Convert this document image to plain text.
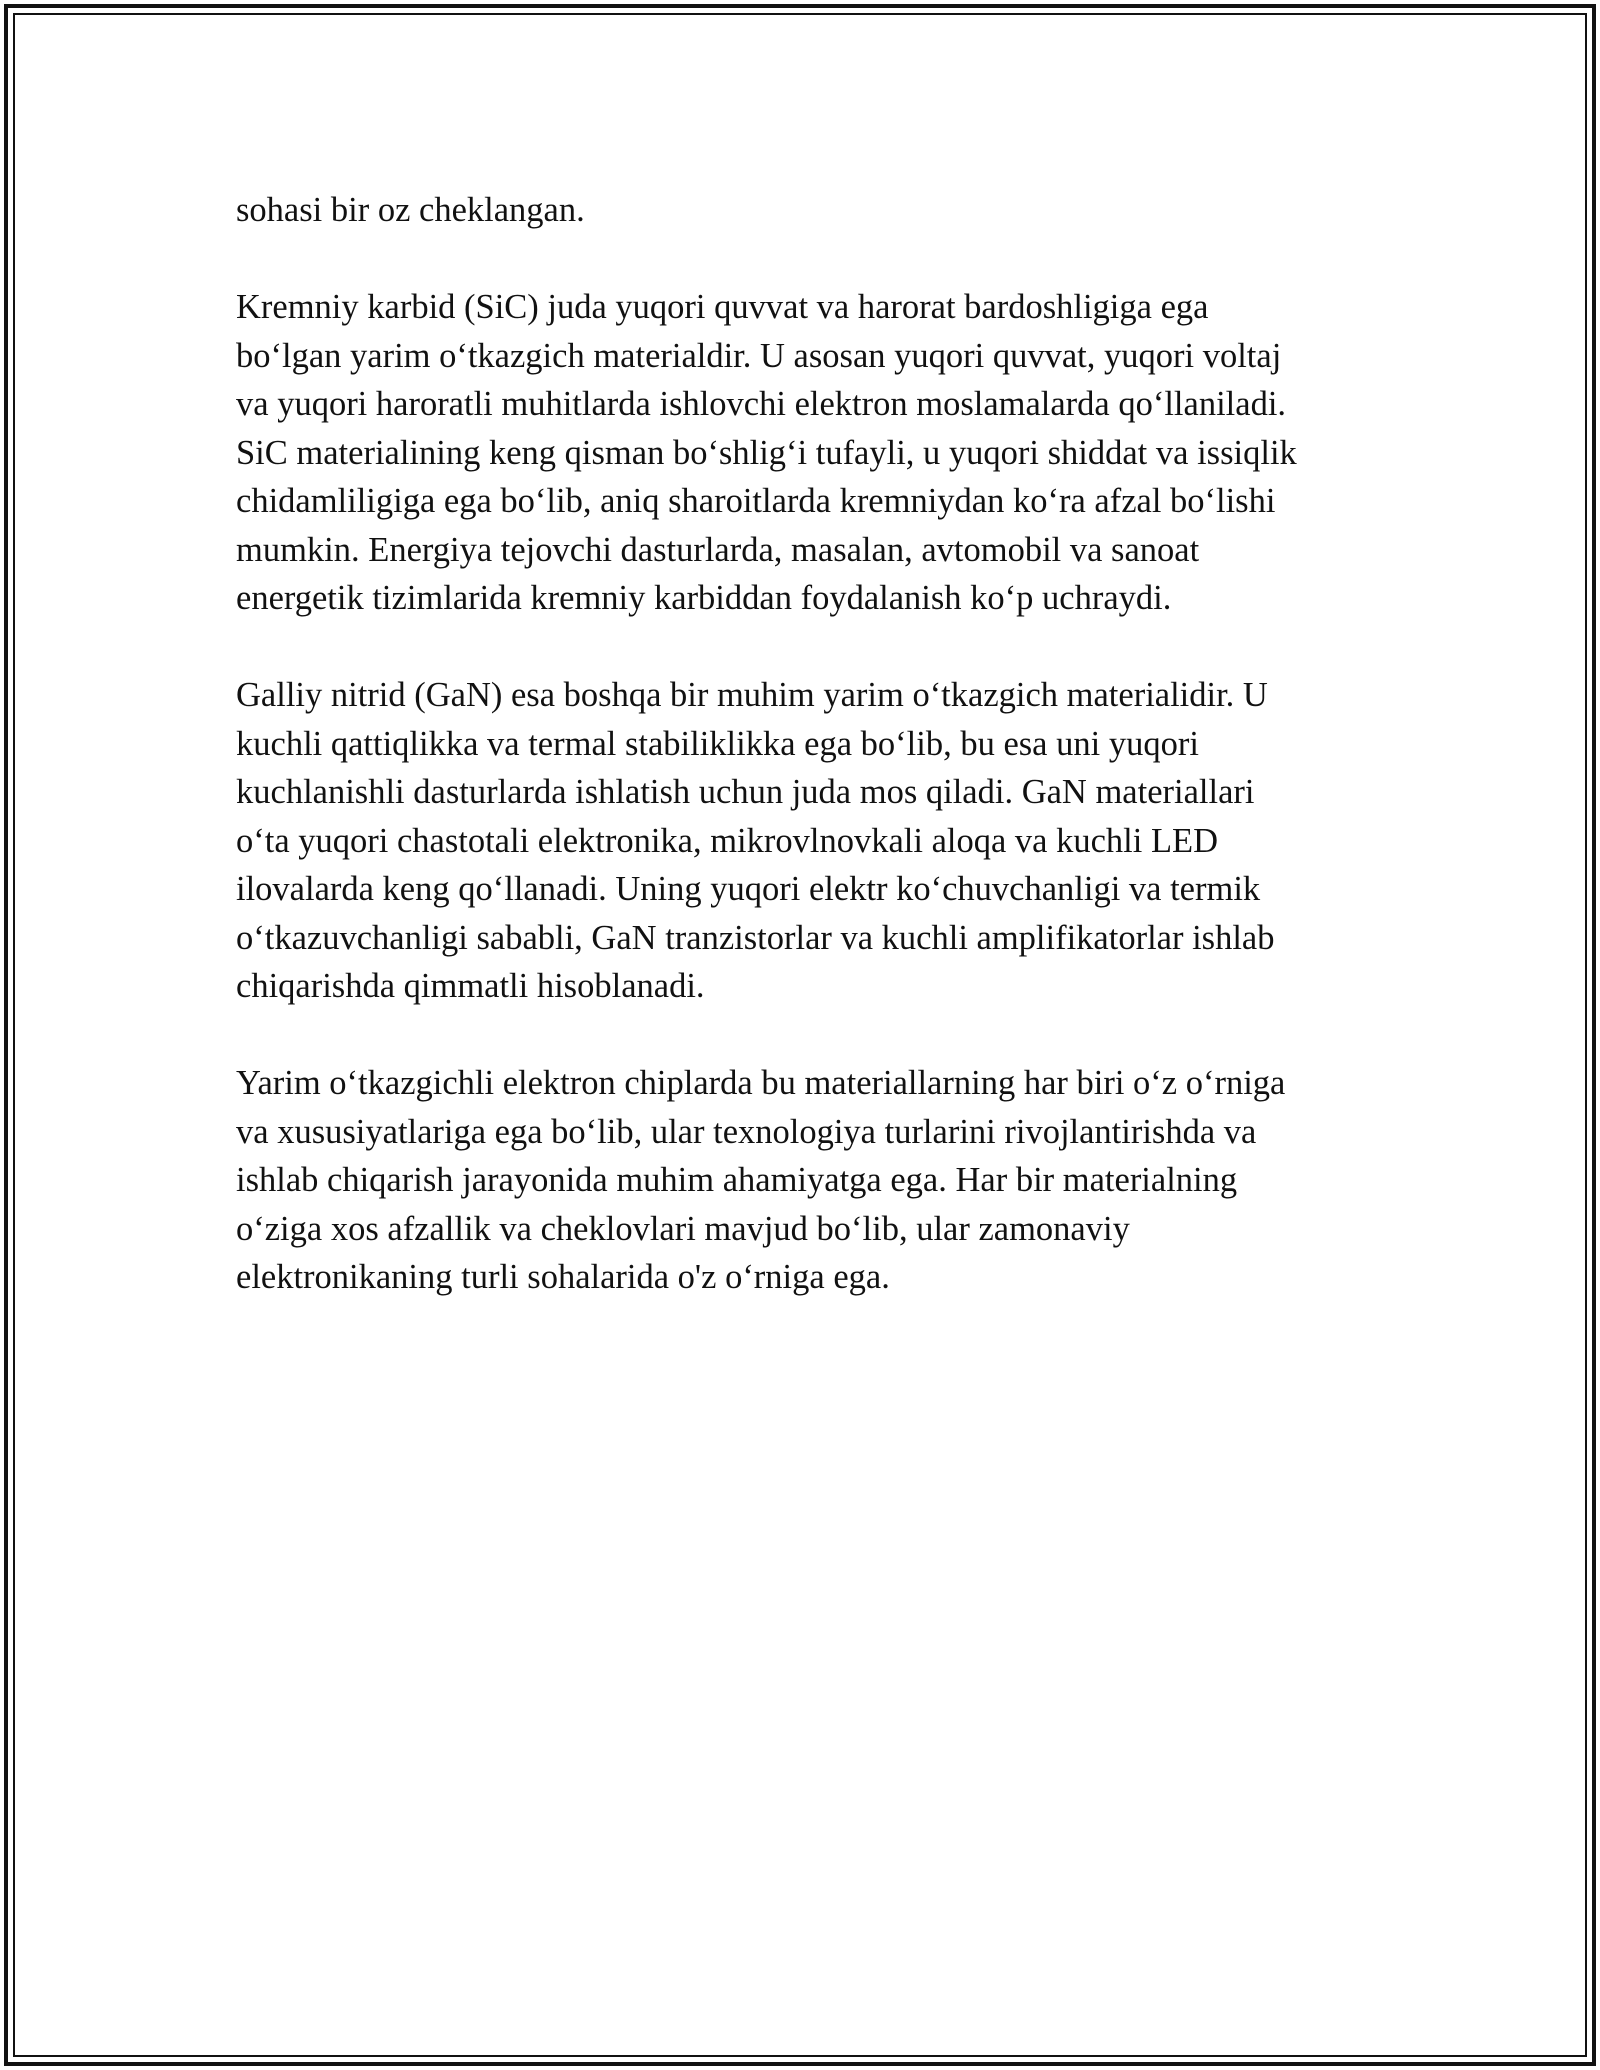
sohasi bir oz cheklangan.

Kremniy karbid (SiC) juda yuqori quvvat va harorat bardoshligiga ega
bo‘lgan yarim o‘tkazgich materialdir. U asosan yuqori quvvat, yuqori voltaj
va yuqori haroratli muhitlarda ishlovchi elektron moslamalarda qo‘llaniladi.
SiC materialining keng qisman bo‘shlig‘i tufayli, u yuqori shiddat va issiqlik
chidamliligiga ega bo‘lib, aniq sharoitlarda kremniydan ko‘ra afzal bo‘lishi
mumkin. Energiya tejovchi dasturlarda, masalan, avtomobil va sanoat
energetik tizimlarida kremniy karbiddan foydalanish ko‘p uchraydi.

Galliy nitrid (GaN) esa boshqa bir muhim yarim o‘tkazgich materialidir. U
kuchli qattiqlikka va termal stabiliklikka ega bo‘lib, bu esa uni yuqori
kuchlanishli dasturlarda ishlatish uchun juda mos qiladi. GaN materiallari
o‘ta yuqori chastotali elektronika, mikrovlnovkali aloqa va kuchli LED
ilovalarda keng qo‘llanadi. Uning yuqori elektr ko‘chuvchanligi va termik
o‘tkazuvchanligi sababli, GaN tranzistorlar va kuchli amplifikatorlar ishlab
chiqarishda qimmatli hisoblanadi.

Yarim o‘tkazgichli elektron chiplarda bu materiallarning har biri o‘z o‘rniga
va xususiyatlariga ega bo‘lib, ular texnologiya turlarini rivojlantirishda va
ishlab chiqarish jarayonida muhim ahamiyatga ega. Har bir materialning
o‘ziga xos afzallik va cheklovlari mavjud bo‘lib, ular zamonaviy
elektronikaning turli sohalarida o'z o‘rniga ega.
